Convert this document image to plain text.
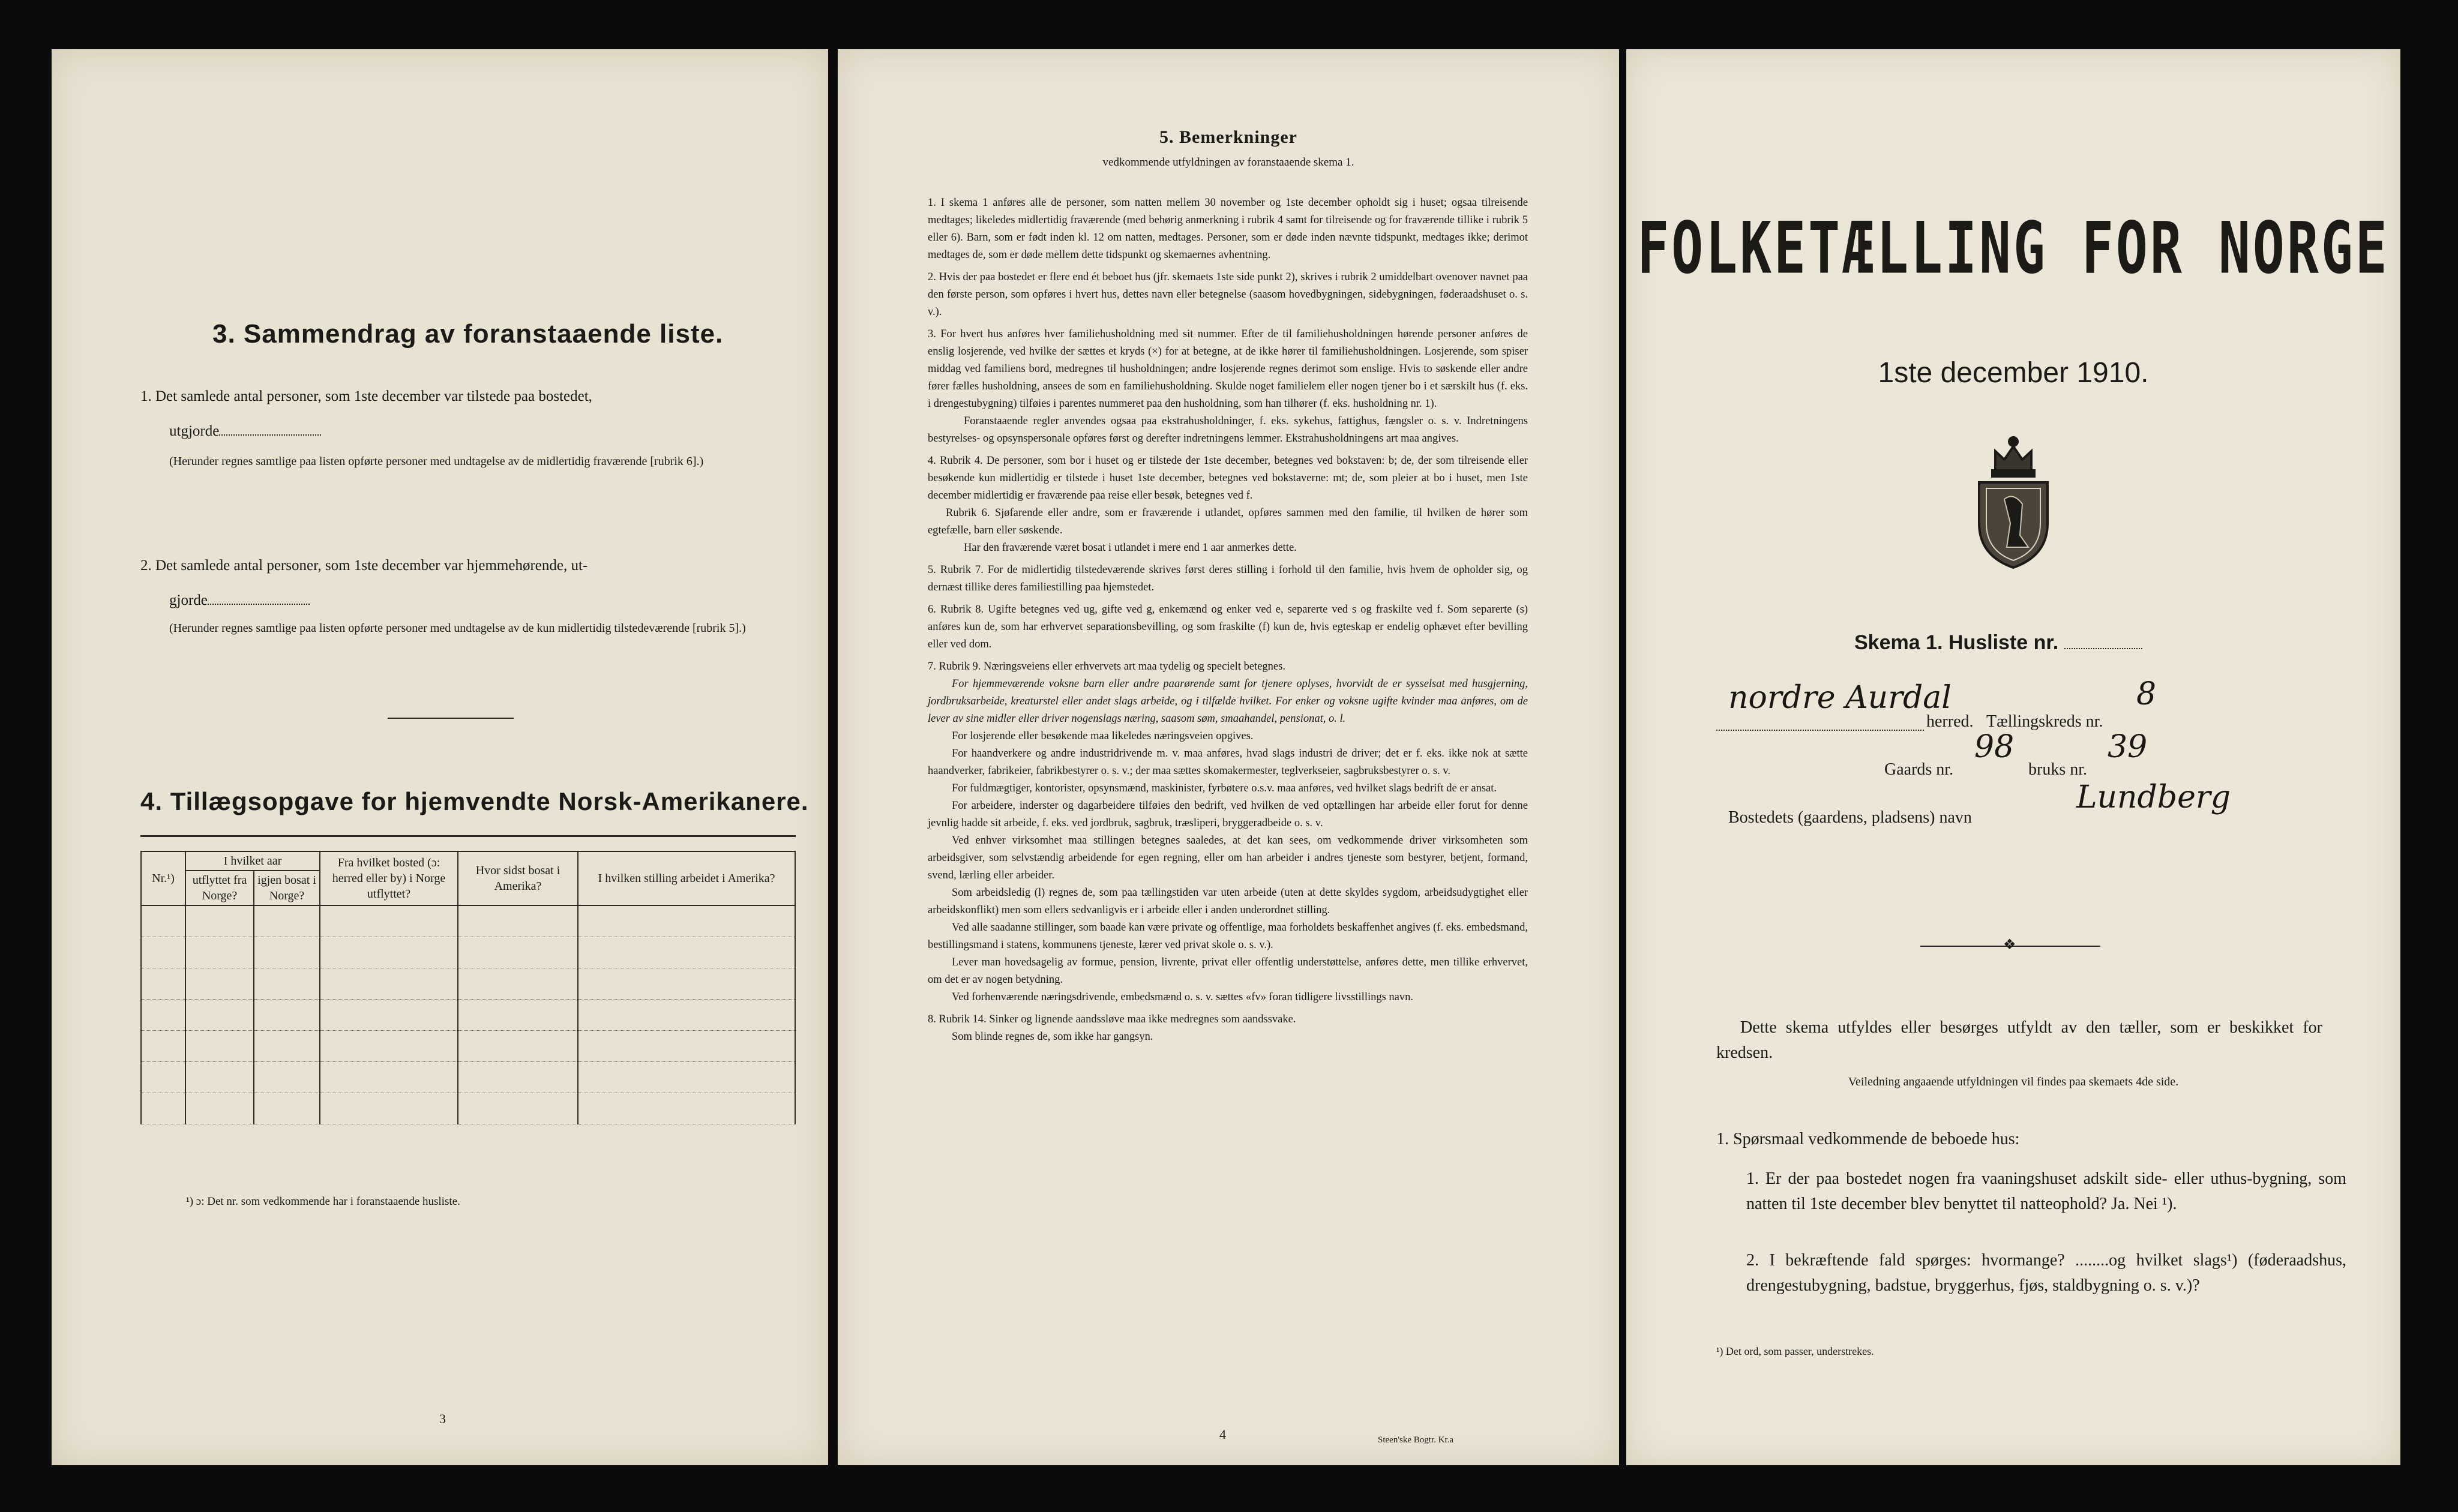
3. Sammendrag av foranstaaende liste.
1. Det samlede antal personer, som 1ste december var tilstede paa bostedet,
utgjorde
(Herunder regnes samtlige paa listen opførte personer med undtagelse av de midlertidig fraværende [rubrik 6].)
2. Det samlede antal personer, som 1ste december var hjemmehørende, ut-
gjorde
(Herunder regnes samtlige paa listen opførte personer med undtagelse av de kun midlertidig tilstedeværende [rubrik 5].)
4. Tillægsopgave for hjemvendte Norsk-Amerikanere.
Nr.¹)	I hvilket aar		Fra hvilket bosted (ɔ: herred eller by) i Norge utflyttet?	Hvor sidst bosat i Amerika?	I hvilken stilling arbeidet i Amerika?
	utflyttet fra Norge?	igjen bosat i Norge?			

¹) ɔ: Det nr. som vedkommende har i foranstaaende husliste.
3
5. Bemerkninger
vedkommende utfyldningen av foranstaaende skema 1.
1. I skema 1 anføres alle de personer, som natten mellem 30 november og 1ste december opholdt sig i huset; ogsaa tilreisende medtages; likeledes midlertidig fraværende (med behørig anmerkning i rubrik 4 samt for tilreisende og for fraværende tillike i rubrik 5 eller 6). Barn, som er født inden kl. 12 om natten, medtages. Personer, som er døde inden nævnte tidspunkt, medtages ikke; derimot medtages de, som er døde mellem dette tidspunkt og skemaernes avhentning.
2. Hvis der paa bostedet er flere end ét beboet hus (jfr. skemaets 1ste side punkt 2), skrives i rubrik 2 umiddelbart ovenover navnet paa den første person, som opføres i hvert hus, dettes navn eller betegnelse (saasom hovedbygningen, sidebygningen, føderaadshuset o. s. v.).
3. For hvert hus anføres hver familiehusholdning med sit nummer. Efter de til familiehusholdningen hørende personer anføres de enslig losjerende, ved hvilke der sættes et kryds (×) for at betegne, at de ikke hører til familiehusholdningen. Losjerende, som spiser middag ved familiens bord, medregnes til husholdningen; andre losjerende regnes derimot som enslige. Hvis to søskende eller andre fører fælles husholdning, ansees de som en familiehusholdning. Skulde noget familielem eller nogen tjener bo i et særskilt hus (f. eks. i drengestubygning) tilføies i parentes nummeret paa den husholdning, som han tilhører (f. eks. husholdning nr. 1).
Foranstaaende regler anvendes ogsaa paa ekstrahusholdninger, f. eks. sykehus, fattighus, fængsler o. s. v. Indretningens bestyrelses- og opsynspersonale opføres først og derefter indretningens lemmer. Ekstrahusholdningens art maa angives.
4. Rubrik 4. De personer, som bor i huset og er tilstede der 1ste december, betegnes ved bokstaven: b; de, der som tilreisende eller besøkende kun midlertidig er tilstede i huset 1ste december, betegnes ved bokstaverne: mt; de, som pleier at bo i huset, men 1ste december midlertidig er fraværende paa reise eller besøk, betegnes ved f.
Rubrik 6. Sjøfarende eller andre, som er fraværende i utlandet, opføres sammen med den familie, til hvilken de hører som egtefælle, barn eller søskende.
Har den fraværende været bosat i utlandet i mere end 1 aar anmerkes dette.
5. Rubrik 7. For de midlertidig tilstedeværende skrives først deres stilling i forhold til den familie, hvis hvem de opholder sig, og dernæst tillike deres familiestilling paa hjemstedet.
6. Rubrik 8. Ugifte betegnes ved ug, gifte ved g, enkemænd og enker ved e, separerte ved s og fraskilte ved f. Som separerte (s) anføres kun de, som har erhvervet separationsbevilling, og som fraskilte (f) kun de, hvis egteskap er endelig ophævet efter bevilling eller ved dom.
7. Rubrik 9. Næringsveiens eller erhvervets art maa tydelig og specielt betegnes.
For hjemmeværende voksne barn eller andre paarørende samt for tjenere oplyses, hvorvidt de er sysselsat med husgjerning, jordbruksarbeide, kreaturstel eller andet slags arbeide, og i tilfælde hvilket. For enker og voksne ugifte kvinder maa anføres, om de lever av sine midler eller driver nogenslags næring, saasom søm, smaahandel, pensionat, o. l.
For losjerende eller besøkende maa likeledes næringsveien opgives.
For haandverkere og andre industridrivende m. v. maa anføres, hvad slags industri de driver; det er f. eks. ikke nok at sætte haandverker, fabrikeier, fabrikbestyrer o. s. v.; der maa sættes skomakermester, teglverkseier, sagbruksbestyrer o. s. v.
For fuldmægtiger, kontorister, opsynsmænd, maskinister, fyrbøtere o.s.v. maa anføres, ved hvilket slags bedrift de er ansat.
For arbeidere, inderster og dagarbeidere tilføies den bedrift, ved hvilken de ved optællingen har arbeide eller forut for denne jevnlig hadde sit arbeide, f. eks. ved jordbruk, sagbruk, træsliperi, bryggeradbeide o. s. v.
Ved enhver virksomhet maa stillingen betegnes saaledes, at det kan sees, om vedkommende driver virksomheten som arbeidsgiver, som selvstændig arbeidende for egen regning, eller om han arbeider i andres tjeneste som bestyrer, betjent, formand, svend, lærling eller arbeider.
Som arbeidsledig (l) regnes de, som paa tællingstiden var uten arbeide (uten at dette skyldes sygdom, arbeidsudygtighet eller arbeidskonflikt) men som ellers sedvanligvis er i arbeide eller i anden underordnet stilling.
Ved alle saadanne stillinger, som baade kan være private og offentlige, maa forholdets beskaffenhet angives (f. eks. embedsmand, bestillingsmand i statens, kommunens tjeneste, lærer ved privat skole o. s. v.).
Lever man hovedsagelig av formue, pension, livrente, privat eller offentlig understøttelse, anføres dette, men tillike erhvervet, om det er av nogen betydning.
Ved forhenværende næringsdrivende, embedsmænd o. s. v. sættes «fv» foran tidligere livsstillings navn.
8. Rubrik 14. Sinker og lignende aandssløve maa ikke medregnes som aandssvake.
Som blinde regnes de, som ikke har gangsyn.
4	Steen'ske Bogtr. Kr.a
FOLKETÆLLING FOR NORGE
1ste december 1910.
Skema 1. Husliste nr.
nordre Aurdal
herred. Tællingskreds nr.
8
Gaards nr.
98
bruks nr.
39
Bostedets (gaardens, pladsens) navn
Lundberg
❖
Dette skema utfyldes eller besørges utfyldt av den tæller, som er beskikket for kredsen.
Veiledning angaaende utfyldningen vil findes paa skemaets 4de side.
1. Spørsmaal vedkommende de beboede hus:
1. Er der paa bostedet nogen fra vaaningshuset adskilt side- eller uthus-bygning, som natten til 1ste december blev benyttet til natteophold? Ja. Nei ¹).
2. I bekræftende fald spørges: hvormange? ........og hvilket slags¹) (føderaadshus, drengestubygning, badstue, bryggerhus, fjøs, staldbygning o. s. v.)?
¹) Det ord, som passer, understrekes.
